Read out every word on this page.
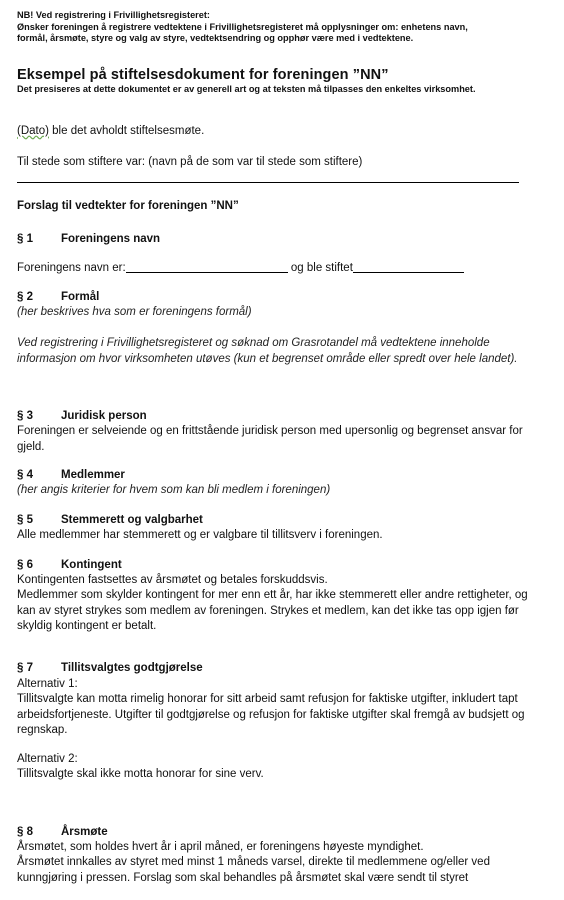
NB! Ved registrering i Frivillighetsregisteret:
Ønsker foreningen å registrere vedtektene i Frivillighetsregisteret må opplysninger om: enhetens navn,
formål, årsmøte, styre og valg av styre, vedtektsendring og opphør være med i vedtektene.
Eksempel på stiftelsesdokument for foreningen ”NN”
Det presiseres at dette dokumentet er av generell art og at teksten må tilpasses den enkeltes virksomhet.
(Dato) ble det avholdt stiftelsesmøte.
Til stede som stiftere var: (navn på de som var til stede som stiftere)
Forslag til vedtekter for foreningen ”NN”
§ 1 Foreningens navn
Foreningens navn er:	og ble stiftet
§ 2 Formål
(her beskrives hva som er foreningens formål)
Ved registrering i Frivillighetsregisteret og søknad om Grasrotandel må vedtektene inneholde informasjon om hvor virksomheten utøves (kun et begrenset område eller spredt over hele landet).
§ 3 Juridisk person
Foreningen er selveiende og en frittstående juridisk person med upersonlig og begrenset ansvar for gjeld.
§ 4 Medlemmer
(her angis kriterier for hvem som kan bli medlem i foreningen)
§ 5 Stemmerett og valgbarhet
Alle medlemmer har stemmerett og er valgbare til tillitsverv i foreningen.
§ 6 Kontingent
Kontingenten fastsettes av årsmøtet og betales forskuddsvis.
Medlemmer som skylder kontingent for mer enn ett år, har ikke stemmerett eller andre rettigheter, og kan av styret strykes som medlem av foreningen. Strykes et medlem, kan det ikke tas opp igjen før skyldig kontingent er betalt.
§ 7 Tillitsvalgtes godtgjørelse
Alternativ 1:
Tillitsvalgte kan motta rimelig honorar for sitt arbeid samt refusjon for faktiske utgifter, inkludert tapt arbeidsfortjeneste. Utgifter til godtgjørelse og refusjon for faktiske utgifter skal fremgå av budsjett og regnskap.
Alternativ 2:
Tillitsvalgte skal ikke motta honorar for sine verv.
§ 8 Årsmøte
Årsmøtet, som holdes hvert år i april måned, er foreningens høyeste myndighet.
Årsmøtet innkalles av styret med minst 1 måneds varsel, direkte til medlemmene og/eller ved kunngjøring i pressen. Forslag som skal behandles på årsmøtet skal være sendt til styret
